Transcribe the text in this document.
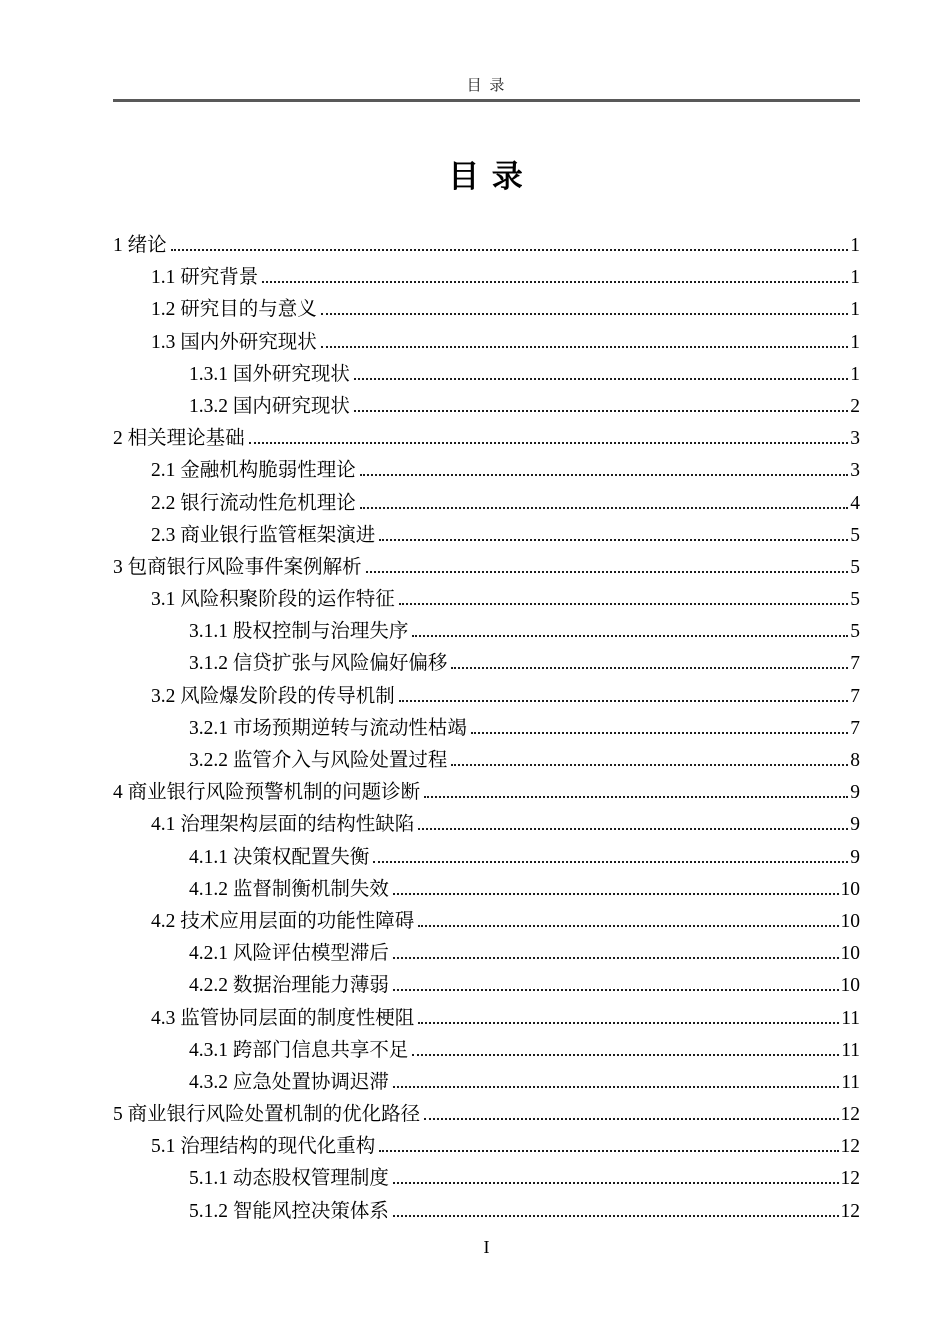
目 录
目 录
1 绪论	1
1.1 研究背景	1
1.2 研究目的与意义	1
1.3 国内外研究现状	1
1.3.1 国外研究现状	1
1.3.2 国内研究现状	2
2 相关理论基础	3
2.1 金融机构脆弱性理论	3
2.2 银行流动性危机理论	4
2.3 商业银行监管框架演进	5
3 包商银行风险事件案例解析	5
3.1 风险积聚阶段的运作特征	5
3.1.1 股权控制与治理失序	5
3.1.2 信贷扩张与风险偏好偏移	7
3.2 风险爆发阶段的传导机制	7
3.2.1 市场预期逆转与流动性枯竭	7
3.2.2 监管介入与风险处置过程	8
4 商业银行风险预警机制的问题诊断	9
4.1 治理架构层面的结构性缺陷	9
4.1.1 决策权配置失衡	9
4.1.2 监督制衡机制失效	10
4.2 技术应用层面的功能性障碍	10
4.2.1 风险评估模型滞后	10
4.2.2 数据治理能力薄弱	10
4.3 监管协同层面的制度性梗阻	11
4.3.1 跨部门信息共享不足	11
4.3.2 应急处置协调迟滞	11
5 商业银行风险处置机制的优化路径	12
5.1 治理结构的现代化重构	12
5.1.1 动态股权管理制度	12
5.1.2 智能风控决策体系	12
I
